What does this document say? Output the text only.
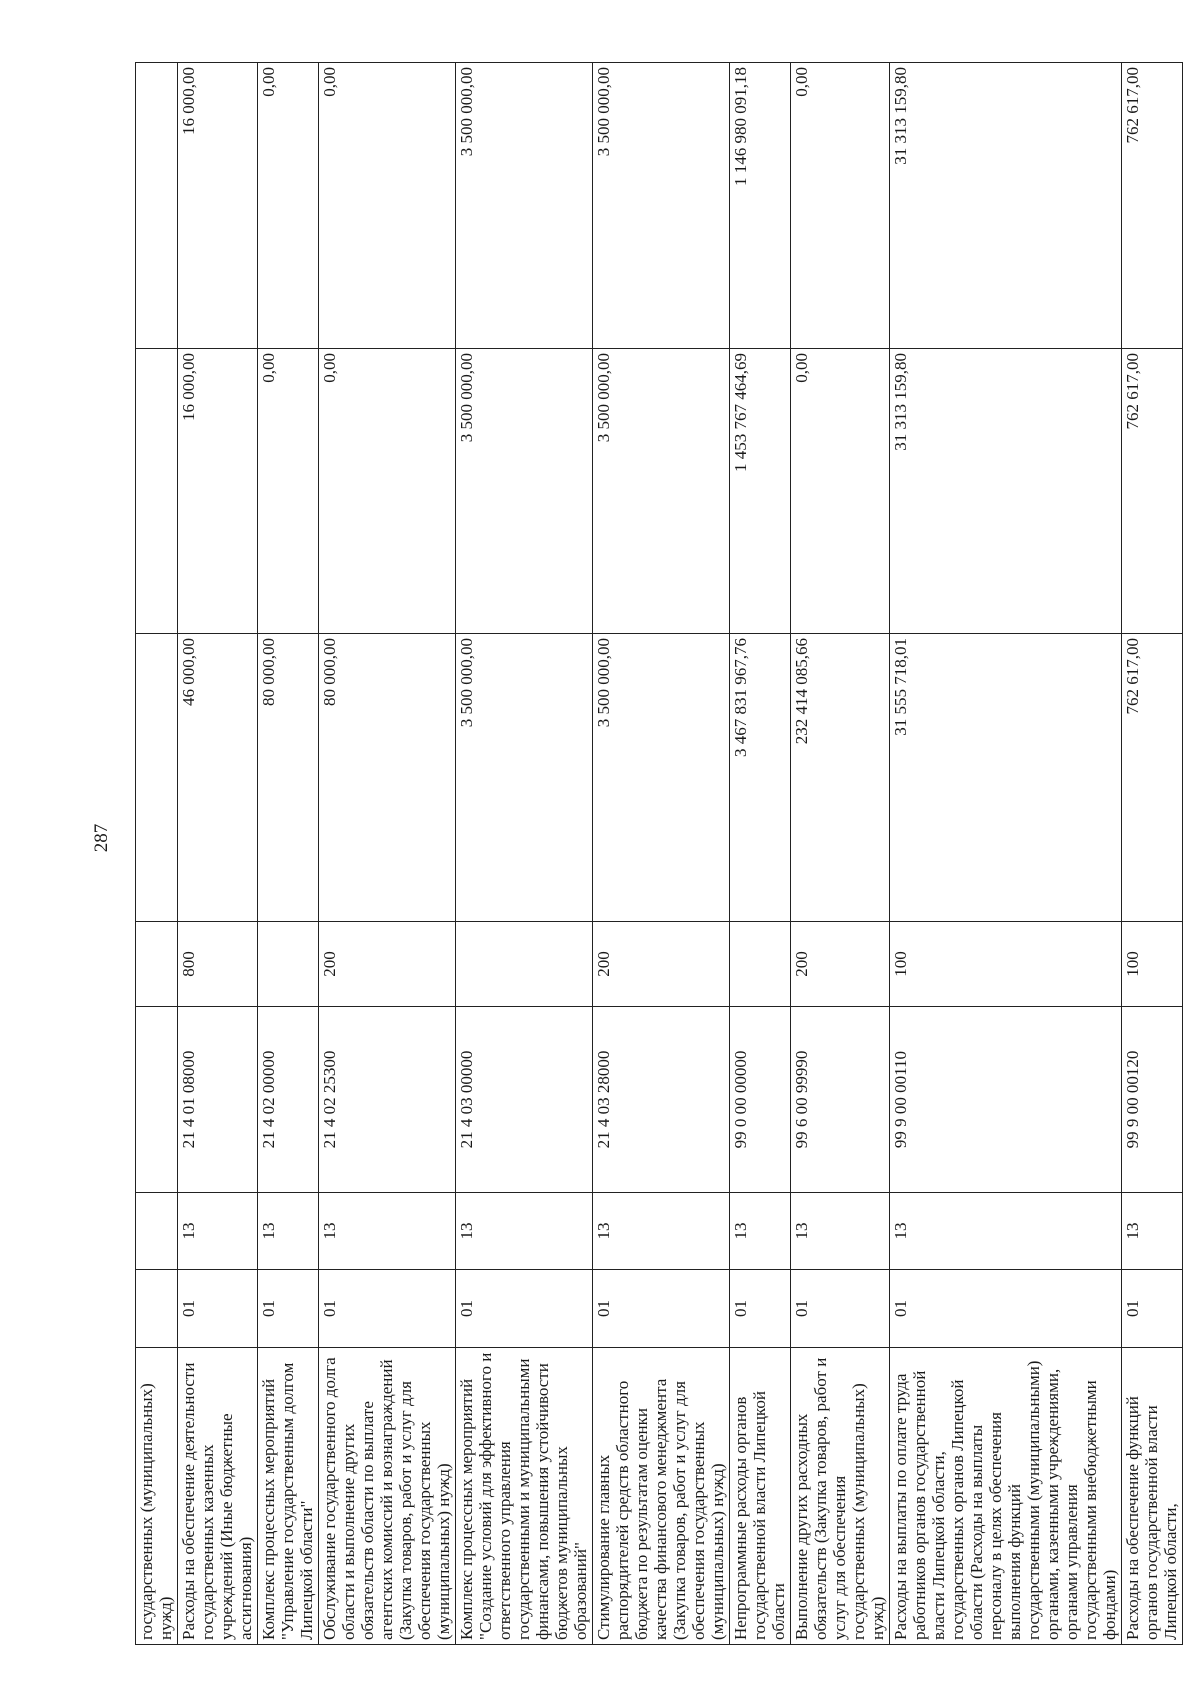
287
государственных (муниципальных) нужд)							
Расходы на обеспечение деятельности государственных казенных учреждений (Иные бюджетные ассигнования)	01	13	21 4 01 08000	800	46 000,00	16 000,00	16 000,00
Комплекс процессных мероприятий "Управление государственным долгом Липецкой области"	01	13	21 4 02 00000		80 000,00	0,00	0,00
Обслуживание государственного долга области и выполнение других обязательств области по выплате агентских комиссий и вознаграждений (Закупка товаров, работ и услуг для обеспечения государственных (муниципальных) нужд)	01	13	21 4 02 25300	200	80 000,00	0,00	0,00
Комплекс процессных мероприятий "Создание условий для эффективного и ответственного управления государственными и муниципальными финансами, повышения устойчивости бюджетов муниципальных образований"	01	13	21 4 03 00000		3 500 000,00	3 500 000,00	3 500 000,00
Стимулирование главных распорядителей средств областного бюджета по результатам оценки качества финансового менеджмента (Закупка товаров, работ и услуг для обеспечения государственных (муниципальных) нужд)	01	13	21 4 03 28000	200	3 500 000,00	3 500 000,00	3 500 000,00
Непрограммные расходы органов государственной власти Липецкой области	01	13	99 0 00 00000		3 467 831 967,76	1 453 767 464,69	1 146 980 091,18
Выполнение других расходных обязательств (Закупка товаров, работ и услуг для обеспечения государственных (муниципальных) нужд)	01	13	99 6 00 99990	200	232 414 085,66	0,00	0,00
Расходы на выплаты по оплате труда работников органов государственной власти Липецкой области, государственных органов Липецкой области (Расходы на выплаты персоналу в целях обеспечения выполнения функций государственными (муниципальными) органами, казенными учреждениями, органами управления государственными внебюджетными фондами)	01	13	99 9 00 00110	100	31 555 718,01	31 313 159,80	31 313 159,80
Расходы на обеспечение функций органов государственной власти Липецкой области,	01	13	99 9 00 00120	100	762 617,00	762 617,00	762 617,00
